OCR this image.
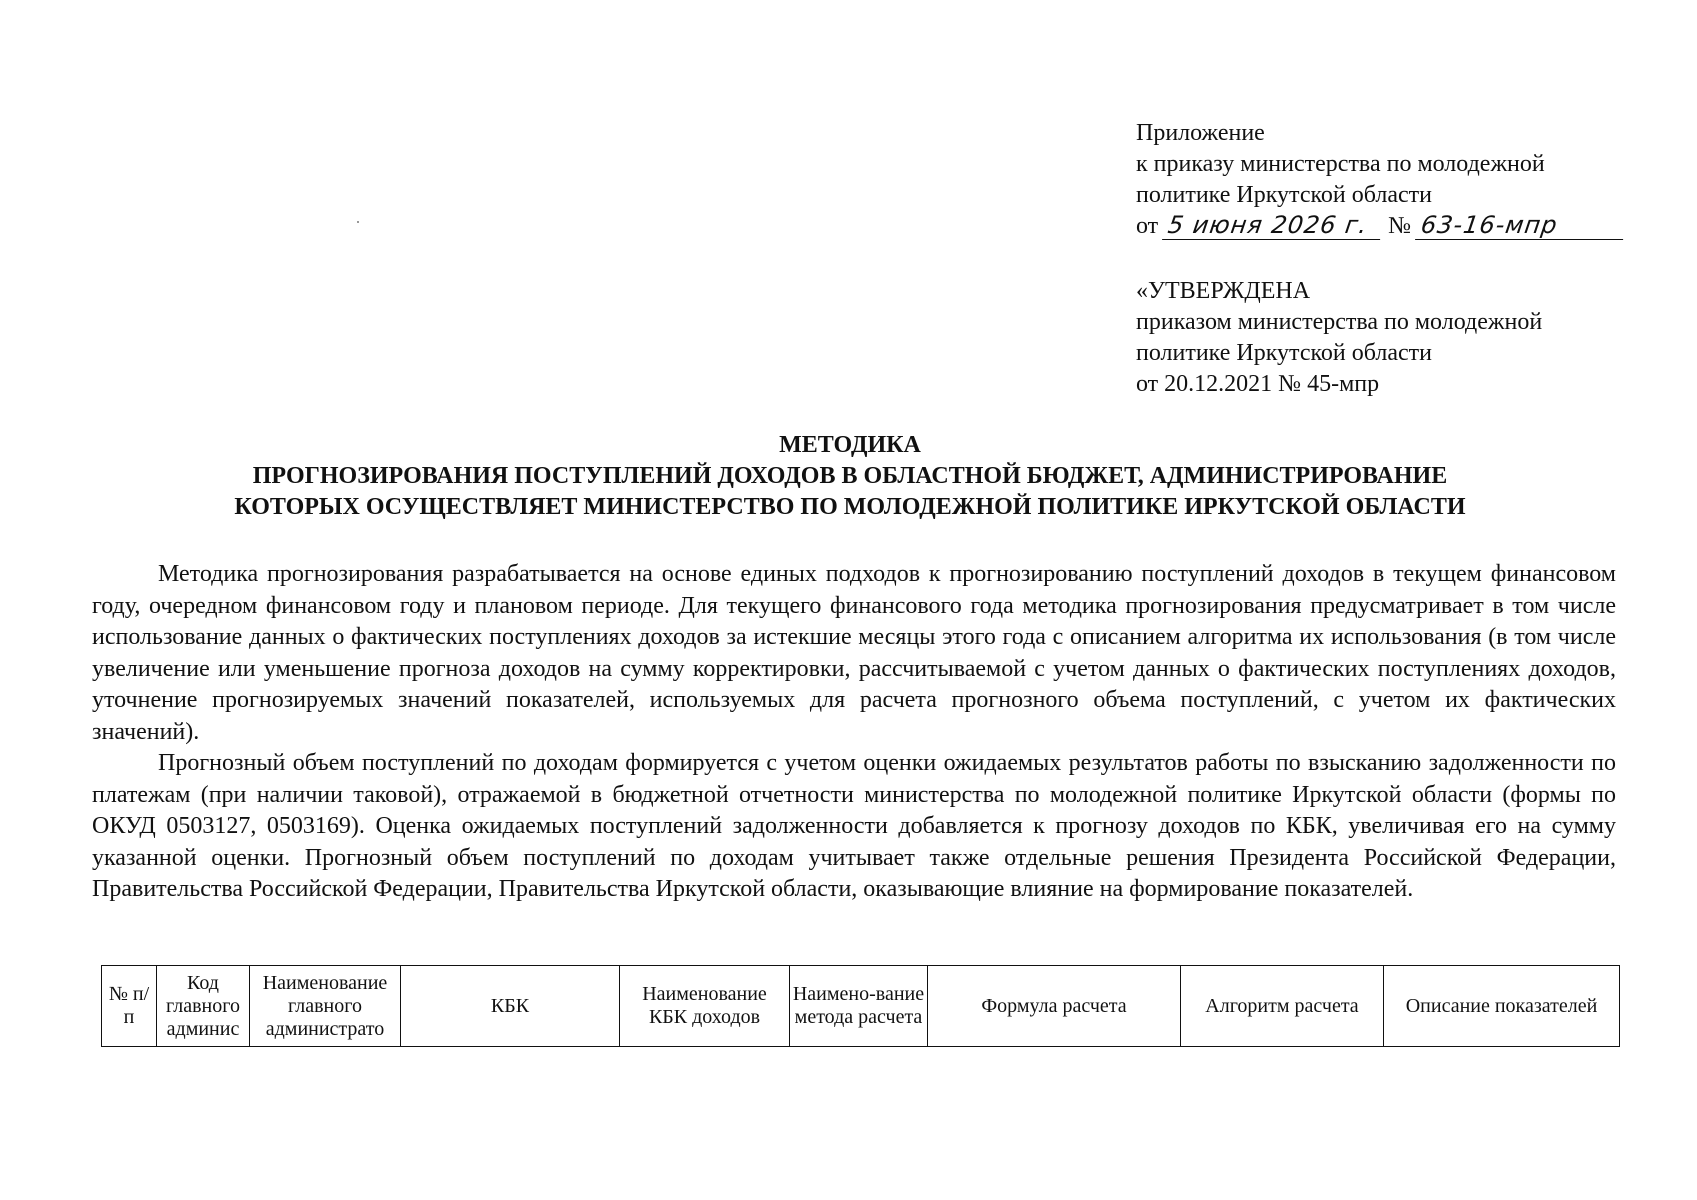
Приложение
к приказу министерства по молодежной
политике Иркутской области
от 5 июня 2026 г. № 63-16-мпр
«УТВЕРЖДЕНА
приказом министерства по молодежной
политике Иркутской области
от 20.12.2021 № 45-мпр
МЕТОДИКА
ПРОГНОЗИРОВАНИЯ ПОСТУПЛЕНИЙ ДОХОДОВ В ОБЛАСТНОЙ БЮДЖЕТ, АДМИНИСТРИРОВАНИЕ
КОТОРЫХ ОСУЩЕСТВЛЯЕТ МИНИСТЕРСТВО ПО МОЛОДЕЖНОЙ ПОЛИТИКЕ ИРКУТСКОЙ ОБЛАСТИ

Методика прогнозирования разрабатывается на основе единых подходов к прогнозированию поступлений доходов в текущем финансовом году, очередном финансовом году и плановом периоде. Для текущего финансового года методика прогнозирования предусматривает в том числе использование данных о фактических поступлениях доходов за истекшие месяцы этого года с описанием алгоритма их использования (в том числе увеличение или уменьшение прогноза доходов на сумму корректировки, рассчитываемой с учетом данных о фактических поступлениях доходов, уточнение прогнозируемых значений показателей, используемых для расчета прогнозного объема поступлений, с учетом их фактических значений).

Прогнозный объем поступлений по доходам формируется с учетом оценки ожидаемых результатов работы по взысканию задолженности по платежам (при наличии таковой), отражаемой в бюджетной отчетности министерства по молодежной политике Иркутской области (формы по ОКУД 0503127, 0503169). Оценка ожидаемых поступлений задолженности добавляется к прогнозу доходов по КБК, увеличивая его на сумму указанной оценки. Прогнозный объем поступлений по доходам учитывает также отдельные решения Президента Российской Федерации, Правительства Российской Федерации, Правительства Иркутской области, оказывающие влияние на формирование показателей.

№ п/п	Код главного админис	Наименование главного администрато	КБК	Наименование КБК доходов	Наимено-вание метода расчета	Формула расчета	Алгоритм расчета	Описание показателей
